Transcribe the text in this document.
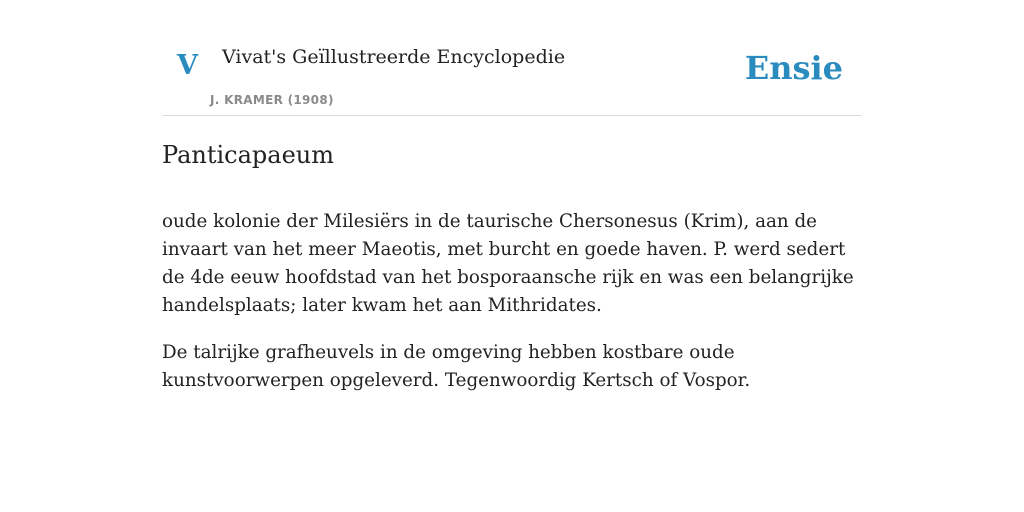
V Vivat's Geïllustreerde Encyclopedie
J. KRAMER (1908)
Ensie
Panticapaeum

oude kolonie der Milesiërs in de taurische Chersonesus (Krim), aan de invaart van het meer Maeotis, met burcht en goede haven. P. werd sedert de 4de eeuw hoofdstad van het bosporaansche rijk en was een belangrijke handelsplaats; later kwam het aan Mithridates.

De talrijke grafheuvels in de omgeving hebben kostbare oude kunstvoorwerpen opgeleverd. Tegenwoordig Kertsch of Vospor.
